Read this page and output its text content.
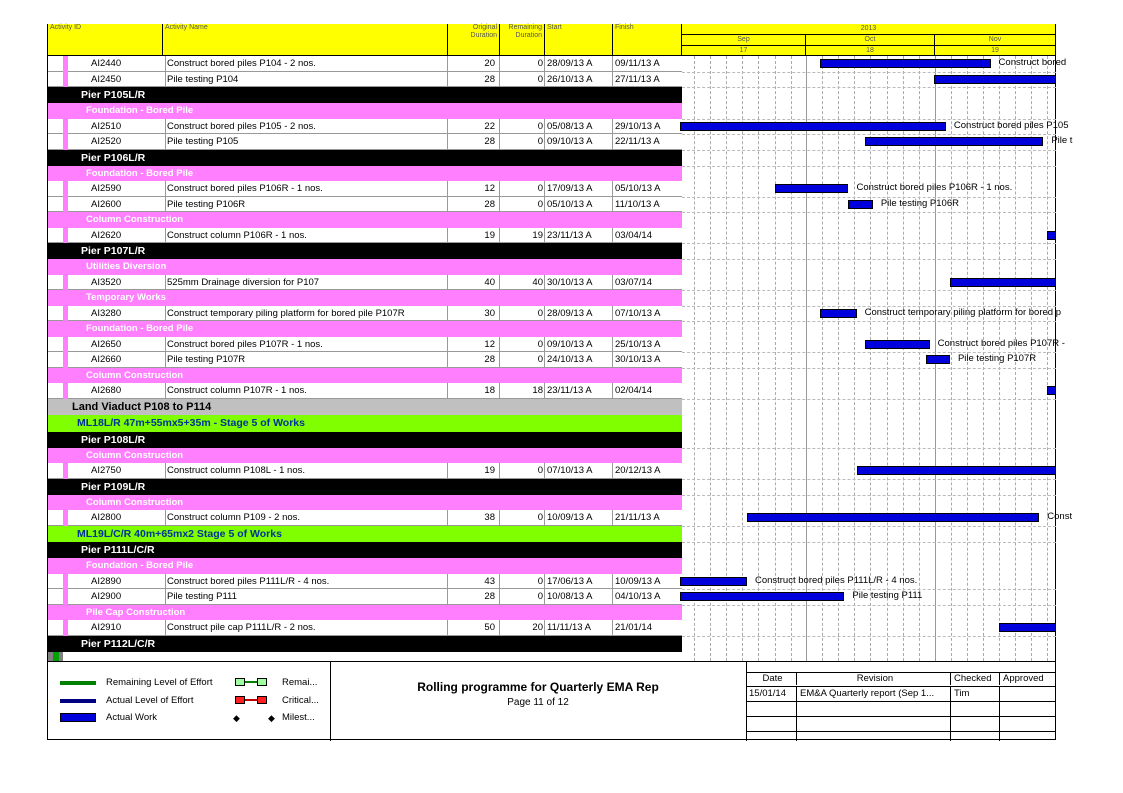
Activity ID	Activity Name	Original
Duration
Remaining
Duration
Start	Finish	2013
Sep	Oct	Nov
17	18	19
AI2440	Construct bored piles P104 - 2 nos.	20	0 28/09/13 A	09/11/13 A
AI2450	Pile testing P104	28	0 26/10/13 A	27/11/13 A
Pier P105L/R
Foundation - Bored Pile
AI2510	Construct bored piles P105 - 2 nos.	22	0 05/08/13 A	29/10/13 A
AI2520	Pile testing P105	28	0 09/10/13 A	22/11/13 A
Pier P106L/R
Foundation - Bored Pile
AI2590	Construct bored piles P106R - 1 nos.	12	0 17/09/13 A	05/10/13 A
AI2600	Pile testing P106R	28	0 05/10/13 A	11/10/13 A
Column Construction
AI2620	Construct column P106R - 1 nos.	19	19 23/11/13 A	03/04/14
Pier P107L/R
Utilities Diversion
AI3520	525mm Drainage diversion for P107	40	40 30/10/13 A	03/07/14
Temporary Works
AI3280	Construct temporary piling platform for bored pile P107R	30	0 28/09/13 A	07/10/13 A
Foundation - Bored Pile
AI2650	Construct bored piles P107R - 1 nos.	12	0 09/10/13 A	25/10/13 A
AI2660	Pile testing P107R	28	0 24/10/13 A	30/10/13 A
Column Construction
AI2680	Construct column P107R - 1 nos.	18	18 23/11/13 A	02/04/14
Land Viaduct P108 to P114
ML18L/R 47m+55mx5+35m - Stage 5 of Works
Pier P108L/R
Column Construction
AI2750	Construct column P108L - 1 nos.	19	0 07/10/13 A	20/12/13 A
Pier P109L/R
Column Construction
AI2800	Construct column P109 - 2 nos.	38	0 10/09/13 A	21/11/13 A
ML19L/C/R 40m+65mx2 Stage 5 of Works
Pier P111L/C/R
Foundation - Bored Pile
AI2890	Construct bored piles P111L/R - 4 nos.	43	0 17/06/13 A	10/09/13 A
AI2900	Pile testing P111	28	0 10/08/13 A	04/10/13 A
Pile Cap Construction
AI2910	Construct pile cap P111L/R - 2 nos.	50	20 11/11/13 A	21/01/14
Pier P112L/C/R
Construct bored
Construct bored piles P105
Pile t
Construct bored piles P106R - 1 nos.
Pile testing P106R
Construct temporary piling platform for bored p
Construct bored piles P107R -
Pile testing P107R
Const
Construct bored piles P111L/R - 4 nos.
Pile testing P111
Remaining Level of Effort
Actual Level of Effort
Actual Work
Remai...
Critical...
◆	◆ Milest...
Rolling programme for Quarterly EMA Rep
Page 11 of 12
Date	Revision	Checked	Approved
15/01/14	EM&A Quarterly report (Sep 1...	Tim
